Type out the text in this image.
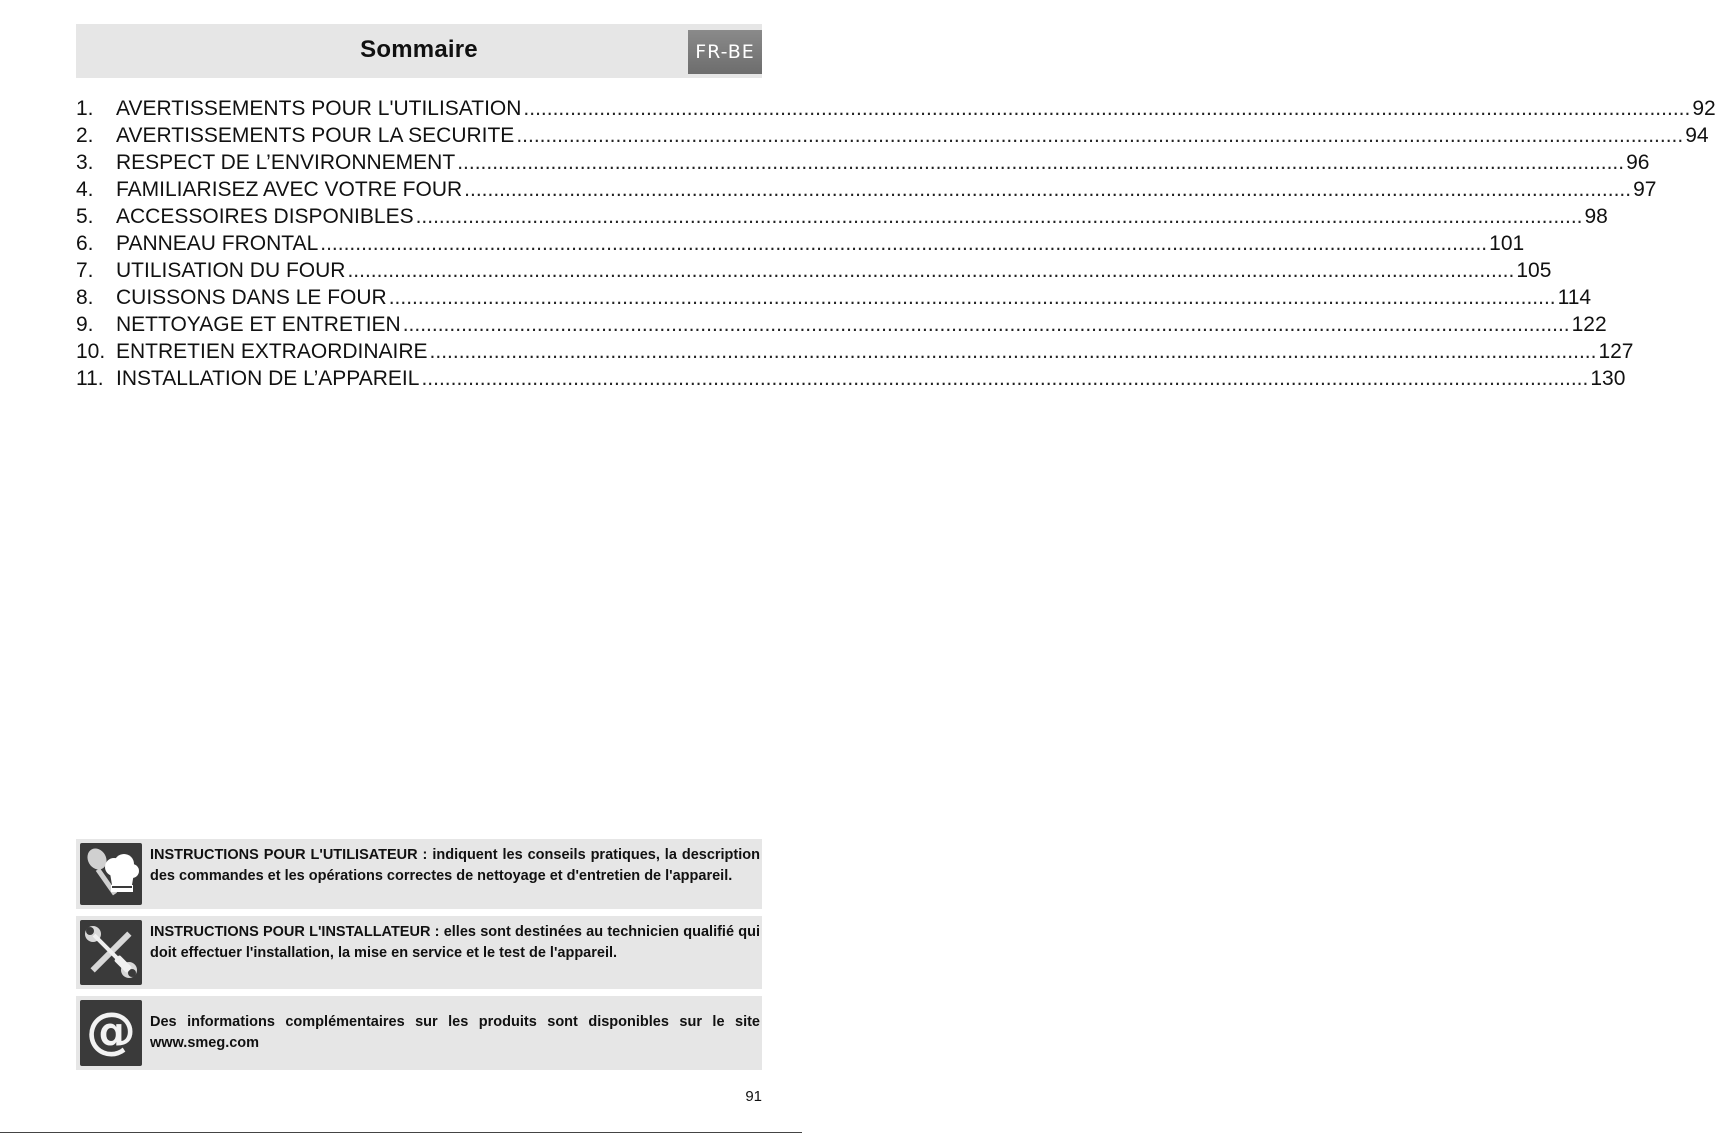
Sommaire	FR-BE
1.	AVERTISSEMENTS POUR L'UTILISATION ........................................................................................................................................................................................................ 92
2.	AVERTISSEMENTS POUR LA SECURITE ........................................................................................................................................................................................................ 94
3.	RESPECT DE L’ENVIRONNEMENT ........................................................................................................................................................................................................ 96
4.	FAMILIARISEZ AVEC VOTRE FOUR ........................................................................................................................................................................................................ 97
5.	ACCESSOIRES DISPONIBLES ........................................................................................................................................................................................................ 98
6.	PANNEAU FRONTAL ........................................................................................................................................................................................................ 101
7.	UTILISATION DU FOUR ........................................................................................................................................................................................................ 105
8.	CUISSONS DANS LE FOUR ........................................................................................................................................................................................................ 114
9.	NETTOYAGE ET ENTRETIEN ........................................................................................................................................................................................................ 122
10. ENTRETIEN EXTRAORDINAIRE ........................................................................................................................................................................................................ 127
11. INSTALLATION DE L’APPAREIL ........................................................................................................................................................................................................ 130
INSTRUCTIONS POUR L'UTILISATEUR : indiquent les conseils pratiques, la description des commandes et les opérations correctes de nettoyage et d'entretien de l'appareil.
INSTRUCTIONS POUR L'INSTALLATEUR : elles sont destinées au technicien qualifié qui doit effectuer l'installation, la mise en service et le test de l'appareil.
@ Des informations complémentaires sur les produits sont disponibles sur le site www.smeg.com
91
